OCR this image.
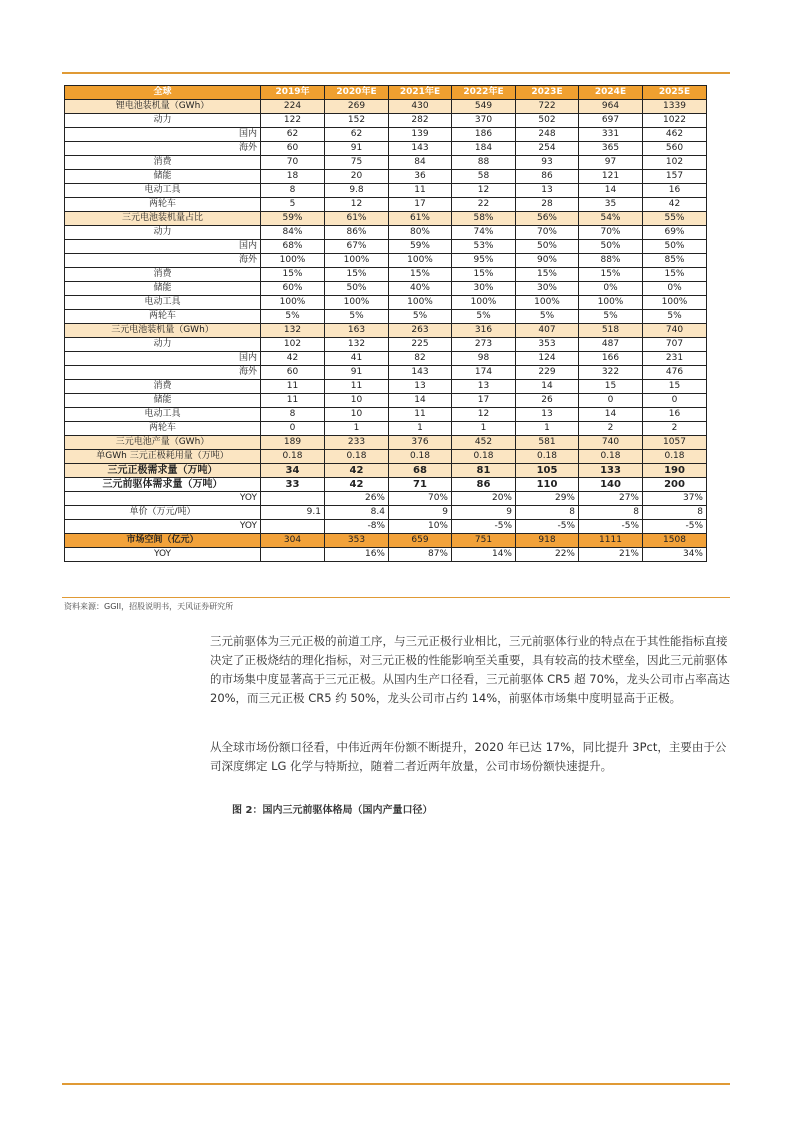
全球	2019年	2020年E	2021年E	2022年E	2023E	2024E	2025E
锂电池装机量（GWh）	224	269	430	549	722	964	1339
动力	122	152	282	370	502	697	1022
国内	62	62	139	186	248	331	462
海外	60	91	143	184	254	365	560
消费	70	75	84	88	93	97	102
储能	18	20	36	58	86	121	157
电动工具	8	9.8	11	12	13	14	16
两轮车	5	12	17	22	28	35	42
三元电池装机量占比	59%	61%	61%	58%	56%	54%	55%
动力	84%	86%	80%	74%	70%	70%	69%
国内	68%	67%	59%	53%	50%	50%	50%
海外	100%	100%	100%	95%	90%	88%	85%
消费	15%	15%	15%	15%	15%	15%	15%
储能	60%	50%	40%	30%	30%	0%	0%
电动工具	100%	100%	100%	100%	100%	100%	100%
两轮车	5%	5%	5%	5%	5%	5%	5%
三元电池装机量（GWh）	132	163	263	316	407	518	740
动力	102	132	225	273	353	487	707
国内	42	41	82	98	124	166	231
海外	60	91	143	174	229	322	476
消费	11	11	13	13	14	15	15
储能	11	10	14	17	26	0	0
电动工具	8	10	11	12	13	14	16
两轮车	0	1	1	1	1	2	2
三元电池产量（GWh）	189	233	376	452	581	740	1057
单GWh 三元正极耗用量（万吨）	0.18	0.18	0.18	0.18	0.18	0.18	0.18
三元正极需求量（万吨）	34	42	68	81	105	133	190
三元前驱体需求量（万吨）	33	42	71	86	110	140	200
YOY		26%	70%	20%	29%	27%	37%
单价（万元/吨）	9.1	8.4	9	9	8	8	8
YOY		-8%	10%	-5%	-5%	-5%	-5%
市场空间（亿元）	304	353	659	751	918	1111	1508
YOY		16%	87%	14%	22%	21%	34%
资料来源：GGII，招股说明书，天风证券研究所

三元前驱体为三元正极的前道工序，与三元正极行业相比，三元前驱体行业的特点在于其性能指标直接决定了正极烧结的理化指标，对三元正极的性能影响至关重要，具有较高的技术壁垒，因此三元前驱体的市场集中度显著高于三元正极。从国内生产口径看，三元前驱体 CR5 超 70%，龙头公司市占率高达 20%，而三元正极 CR5 约 50%，龙头公司市占约 14%，前驱体市场集中度明显高于正极。

从全球市场份额口径看，中伟近两年份额不断提升，2020 年已达 17%，同比提升 3Pct，主要由于公司深度绑定 LG 化学与特斯拉，随着二者近两年放量，公司市场份额快速提升。

图 2：国内三元前驱体格局（国内产量口径）
